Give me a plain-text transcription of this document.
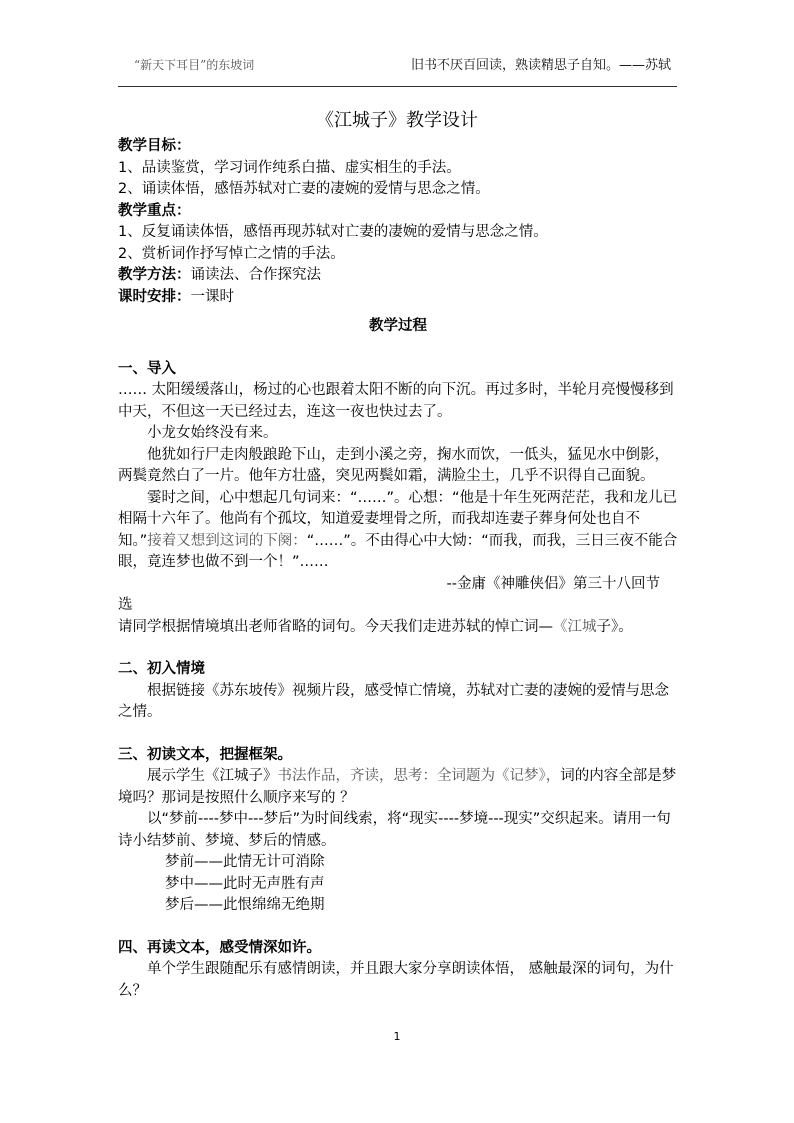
“新天下耳目”的东坡词	旧书不厌百回读，熟读精思子自知。——苏轼
《江城子》教学设计

教学目标：

1、品读鉴赏，学习词作纯系白描、虚实相生的手法。

2、诵读体悟，感悟苏轼对亡妻的凄婉的爱情与思念之情。

教学重点：

1、反复诵读体悟，感悟再现苏轼对亡妻的凄婉的爱情与思念之情。

2、赏析词作抒写悼亡之情的手法。

教学方法：诵读法、合作探究法

课时安排：一课时

教学过程

一、导入

…… 太阳缓缓落山，杨过的心也跟着太阳不断的向下沉。再过多时，半轮月亮慢慢移到中天，不但这一天已经过去，连这一夜也快过去了。

小龙女始终没有来。

他犹如行尸走肉般踉跄下山，走到小溪之旁，掬水而饮，一低头，猛见水中倒影，两鬓竟然白了一片。他年方壮盛，突见两鬓如霜，满脸尘土，几乎不识得自己面貌。

霎时之间，心中想起几句词来：“……”。心想：“他是十年生死两茫茫，我和龙儿已相隔十六年了。他尚有个孤坟，知道爱妻埋骨之所，而我却连妻子葬身何处也自不知。”接着又想到这词的下阕：“……”。不由得心中大恸：“而我，而我，三日三夜不能合眼，竟连梦也做不到一个！”……

--金庸《神雕侠侣》第三十八回节

选

请同学根据情境填出老师省略的词句。今天我们走进苏轼的悼亡词—《江城子》。

二、初入情境

根据链接《苏东坡传》视频片段，感受悼亡情境，苏轼对亡妻的凄婉的爱情与思念之情。

三、初读文本，把握框架。

展示学生《江城子》书法作品，齐读，思考：全词题为《记梦》，词的内容全部是梦境吗？那词是按照什么顺序来写的 ？

以“梦前----梦中---梦后”为时间线索，将“现实----梦境---现实”交织起来。请用一句诗小结梦前、梦境、梦后的情感。

梦前——此情无计可消除

梦中——此时无声胜有声

梦后——此恨绵绵无绝期

四、再读文本，感受情深如许。

单个学生跟随配乐有感情朗读，并且跟大家分享朗读体悟， 感触最深的词句，为什么？

1
